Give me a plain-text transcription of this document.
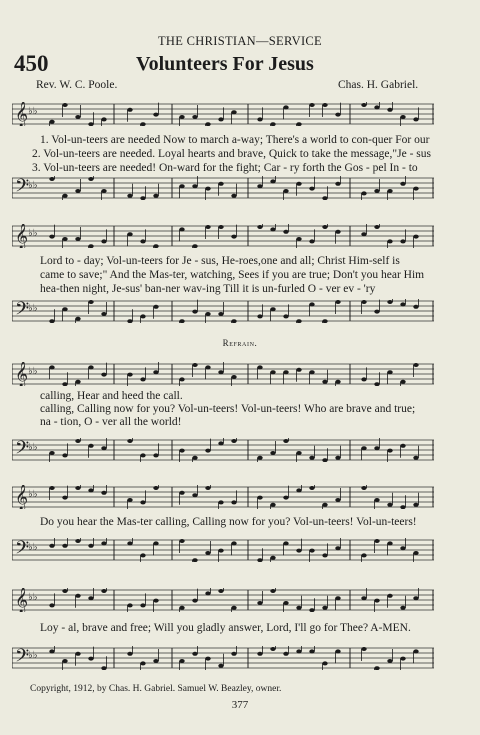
THE CHRISTIAN—SERVICE
450	Volunteers For Jesus
Rev. W. C. Poole.	Chas. H. Gabriel.
𝄞 ♭♭
1. Vol-un-teers are needed Now to march a-way; There's a world to con-quer For our
2. Vol-un-teers are needed. Loyal hearts and brave, Quick to take the message,"Je - sus
3. Vol-un-teers are needed! On-ward for the fight; Car - ry forth the Gos - pel In - to
𝄢
♭♭
𝄞 ♭♭
Lord to - day; Vol-un-teers for Je - sus, He-roes,one and all; Christ Him-self is
came to save;" And the Mas-ter, watching, Sees if you are true; Don't you hear Him
hea-then night, Je-sus' ban-ner wav-ing Till it is un-furled O - ver ev - 'ry
𝄢
♭♭
Refrain.
𝄞 ♭♭
calling, Hear and heed the call.
calling, Calling now for you? Vol-un-teers! Vol-un-teers! Who are brave and true;
na - tion, O - ver all the world!
𝄢
♭♭
𝄞 ♭♭
Do you hear the Mas-ter calling, Calling now for you? Vol-un-teers! Vol-un-teers!
𝄢
♭♭
𝄞 ♭♭
Loy - al, brave and free; Will you gladly answer, Lord, I'll go for Thee? A-MEN.
𝄢
♭♭
Copyright, 1912, by Chas. H. Gabriel. Samuel W. Beazley, owner.
377
